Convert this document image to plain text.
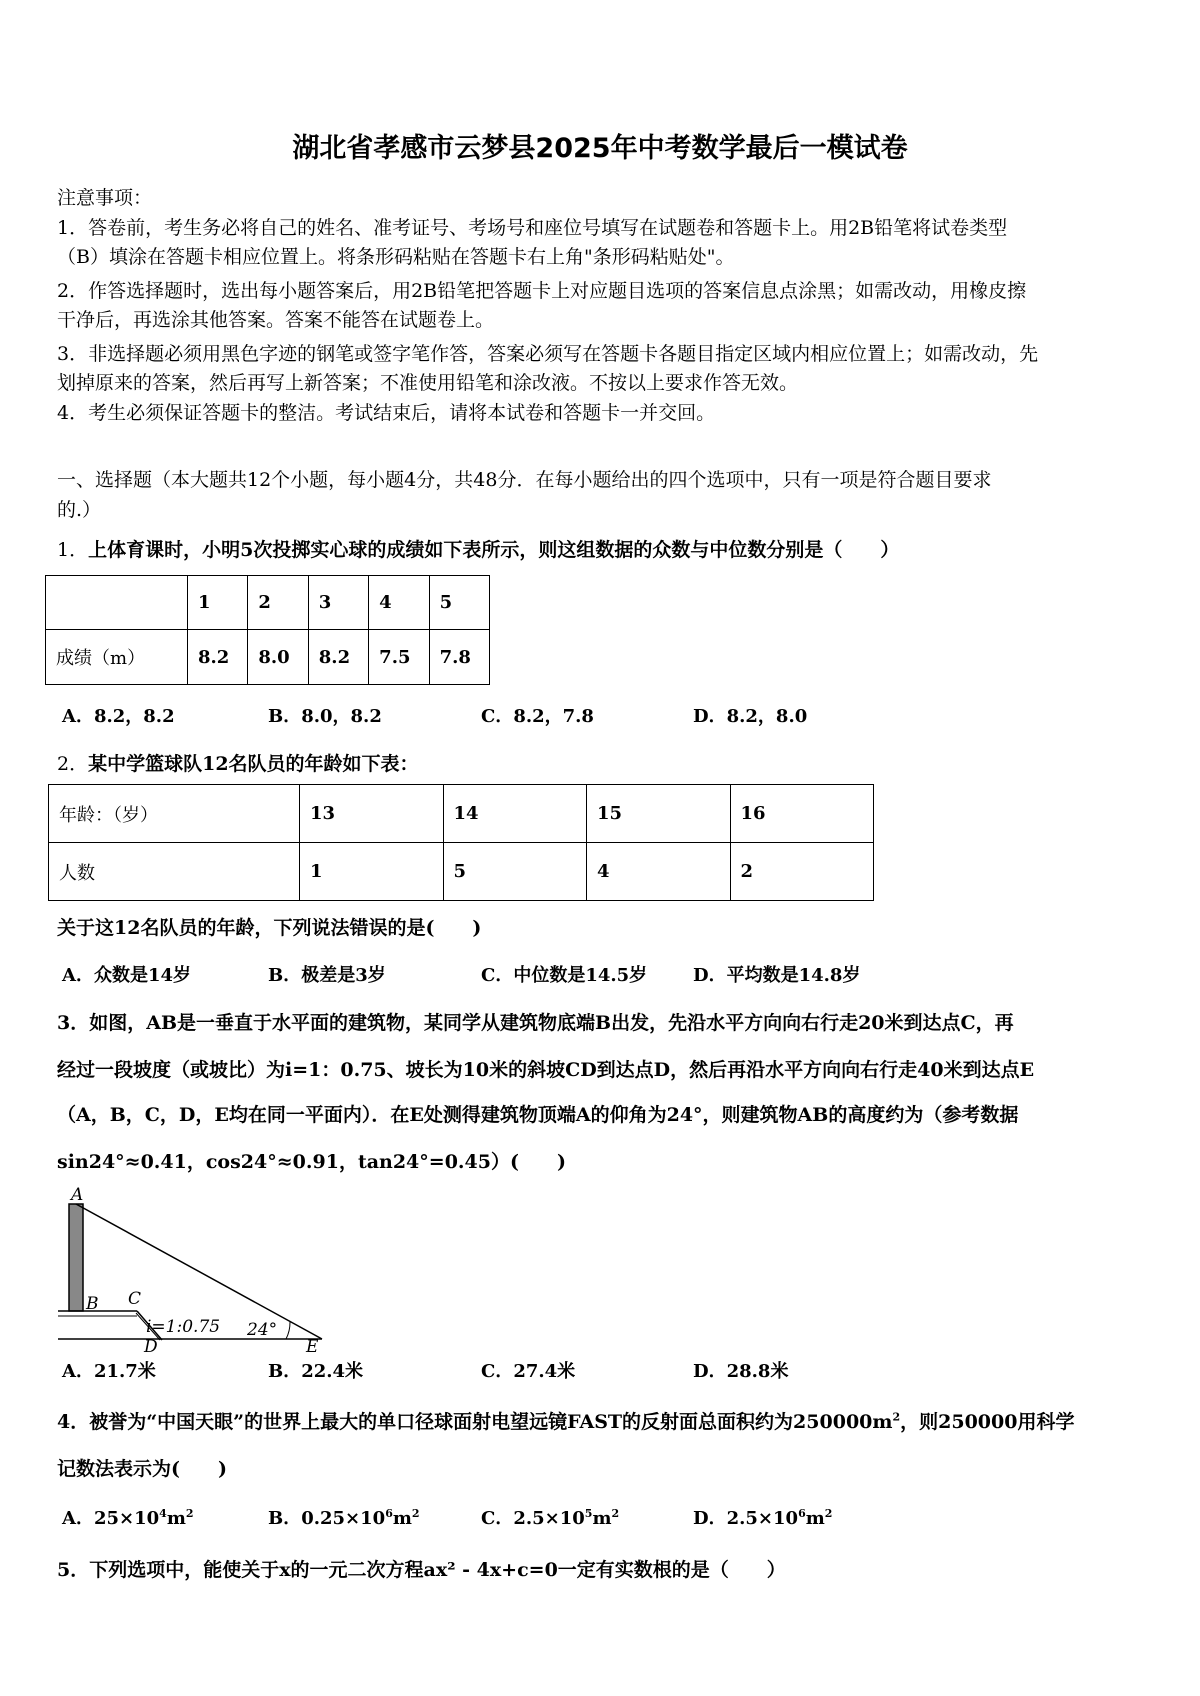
湖北省孝感市云梦县2025年中考数学最后一模试卷
注意事项：
1．答卷前，考生务必将自己的姓名、准考证号、考场号和座位号填写在试题卷和答题卡上。用2B铅笔将试卷类型
（B）填涂在答题卡相应位置上。将条形码粘贴在答题卡右上角"条形码粘贴处"。
2．作答选择题时，选出每小题答案后，用2B铅笔把答题卡上对应题目选项的答案信息点涂黑；如需改动，用橡皮擦
干净后，再选涂其他答案。答案不能答在试题卷上。
3．非选择题必须用黑色字迹的钢笔或签字笔作答，答案必须写在答题卡各题目指定区域内相应位置上；如需改动，先
划掉原来的答案，然后再写上新答案；不准使用铅笔和涂改液。不按以上要求作答无效。
4．考生必须保证答题卡的整洁。考试结束后，请将本试卷和答题卡一并交回。
一、选择题（本大题共12个小题，每小题4分，共48分．在每小题给出的四个选项中，只有一项是符合题目要求
的.）
1．上体育课时，小明5次投掷实心球的成绩如下表所示，则这组数据的众数与中位数分别是（　　）
	1	2	3	4	5
成绩（m）	8.2	8.0	8.2	7.5	7.8
A．8.2，8.2	B．8.0，8.2	C．8.2，7.8	D．8.2，8.0
2．某中学篮球队12名队员的年龄如下表：
年龄：（岁）	13	14	15	16
人数	1	5	4	2
关于这12名队员的年龄，下列说法错误的是(　　)
A．众数是14岁	B．极差是3岁	C．中位数是14.5岁	D．平均数是14.8岁
3．如图，AB是一垂直于水平面的建筑物，某同学从建筑物底端B出发，先沿水平方向向右行走20米到达点C，再
经过一段坡度（或坡比）为i=1：0.75、坡长为10米的斜坡CD到达点D，然后再沿水平方向向右行走40米到达点E
（A，B，C，D，E均在同一平面内）．在E处测得建筑物顶端A的仰角为24°，则建筑物AB的高度约为（参考数据
sin24°≈0.41，cos24°≈0.91，tan24°=0.45）(　　)
A
B C
D
i=1:0.75 24°
E
A．21.7米	B．22.4米	C．27.4米	D．28.8米
4．被誉为“中国天眼”的世界上最大的单口径球面射电望远镜FAST的反射面总面积约为$250000m^2$，则250000用科学
记数法表示为(　　)
A．$25\times 10^4m^2$	B．$0.25\times 10^6m^2$	C．$2.5\times 10^5m^2$	D．$2.5\times 10^6m^2$
5．下列选项中，能使关于x的一元二次方程ax² - 4x+c=0一定有实数根的是（　　）
